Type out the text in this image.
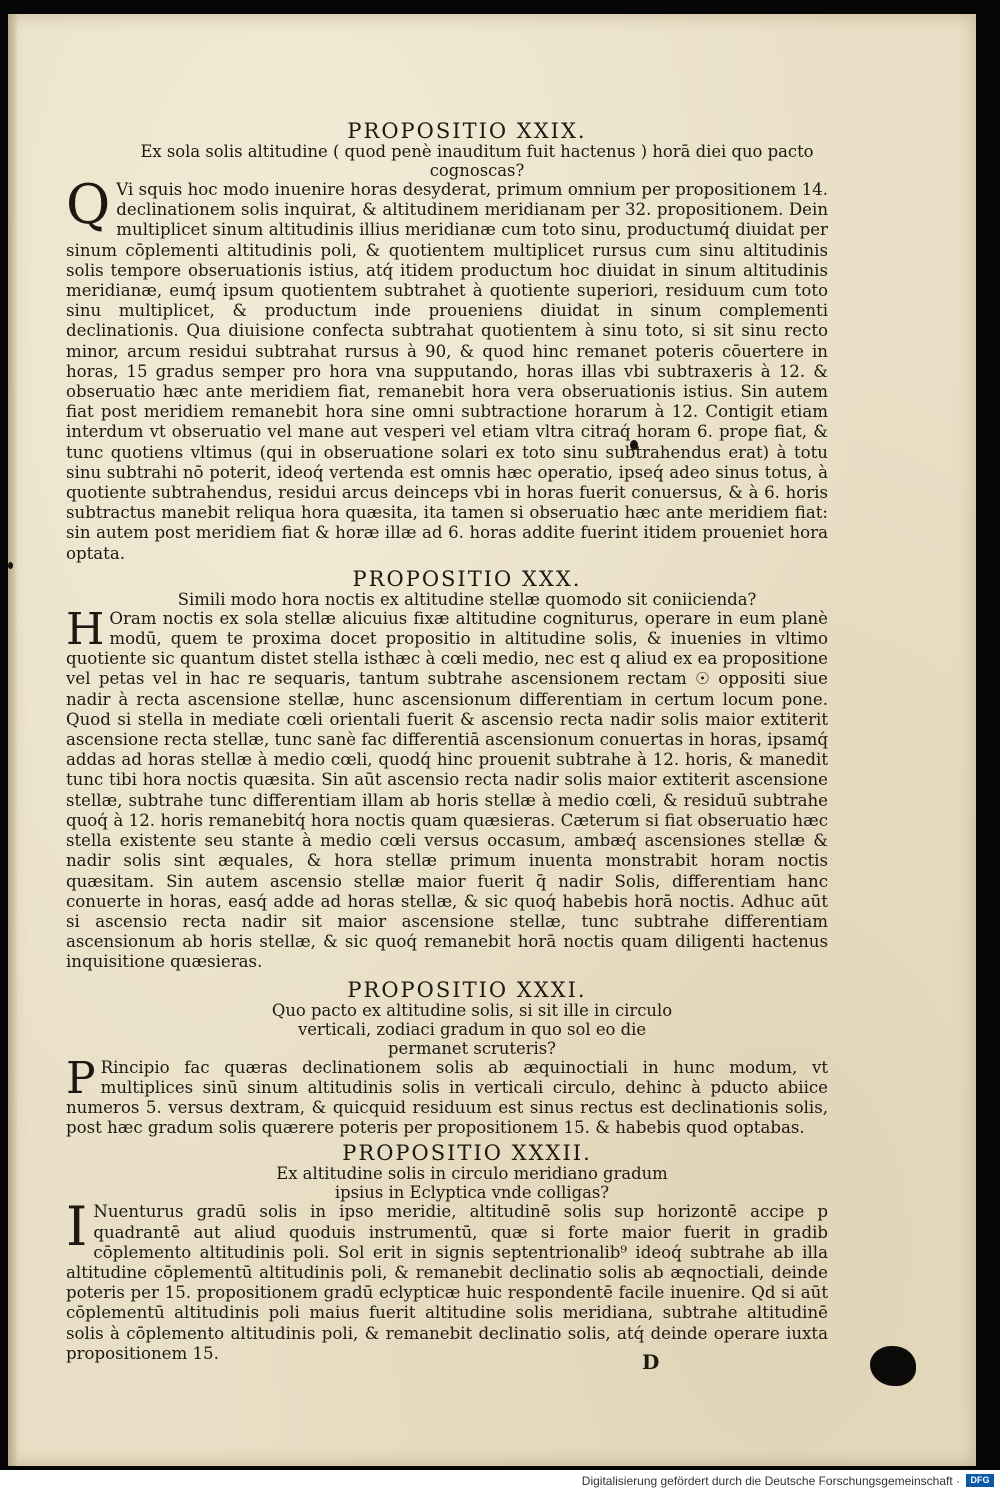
PROPOSITIO XXIX.

Ex sola solis altitudine ( quod penè inauditum fuit hactenus ) horā diei quo pacto cognoscas?

Q Vi squis hoc modo inuenire horas desyderat, primum omnium per propositionem 14. declinationem solis inquirat, & altitudinem meridianam per 32. propositionem. Dein multiplicet sinum altitudinis illius meridianæ cum toto sinu, productumq́ diuidat per sinum cōplementi altitudinis poli, & quotientem multiplicet rursus cum sinu altitudinis solis tempore obseruationis istius, atq́ itidem productum hoc diuidat in sinum altitudinis meridianæ, eumq́ ipsum quotientem subtrahet à quotiente superiori, residuum cum toto sinu multiplicet, & productum inde proueniens diuidat in sinum complementi declinationis. Qua diuisione confecta subtrahat quotientem à sinu toto, si sit sinu recto minor, arcum residui subtrahat rursus à 90, & quod hinc remanet poteris cōuertere in horas, 15 gradus semper pro hora vna supputando, horas illas vbi subtraxeris à 12. & obseruatio hæc ante meridiem fiat, remanebit hora vera obseruationis istius. Sin autem fiat post meridiem remanebit hora sine omni subtractione horarum à 12. Contigit etiam interdum vt obseruatio vel mane aut vesperi vel etiam vltra citraq́ horam 6. prope fiat, & tunc quotiens vltimus (qui in obseruatione solari ex toto sinu subtrahendus erat) à totu sinu subtrahi nō poterit, ideoq́ vertenda est omnis hæc operatio, ipseq́ adeo sinus totus, à quotiente subtrahendus, residui arcus deinceps vbi in horas fuerit conuersus, & à 6. horis subtractus manebit reliqua hora quæsita, ita tamen si obseruatio hæc ante meridiem fiat: sin autem post meridiem fiat & horæ illæ ad 6. horas addite fuerint itidem proueniet hora optata.

PROPOSITIO XXX.

Simili modo hora noctis ex altitudine stellæ quomodo sit coniicienda?

H Oram noctis ex sola stellæ alicuius fixæ altitudine cogniturus, operare in eum planè modū, quem te proxima docet propositio in altitudine solis, & inuenies in vltimo quotiente sic quantum distet stella isthæc à cœli medio, nec est q aliud ex ea propositione vel petas vel in hac re sequaris, tantum subtrahe ascensionem rectam ☉ oppositi siue nadir à recta ascensione stellæ, hunc ascensionum differentiam in certum locum pone. Quod si stella in mediate cœli orientali fuerit & ascensio recta nadir solis maior extiterit ascensione recta stellæ, tunc sanè fac differentiā ascensionum conuertas in horas, ipsamq́ addas ad horas stellæ à medio cœli, quodq́ hinc prouenit subtrahe à 12. horis, & manedit tunc tibi hora noctis quæsita. Sin aūt ascensio recta nadir solis maior extiterit ascensione stellæ, subtrahe tunc differentiam illam ab horis stellæ à medio cœli, & residuū subtrahe quoq́ à 12. horis remanebitq́ hora noctis quam quæsieras. Cæterum si fiat obseruatio hæc stella existente seu stante à medio cœli versus occasum, ambæq́ ascensiones stellæ & nadir solis sint æquales, & hora stellæ primum inuenta monstrabit horam noctis quæsitam. Sin autem ascensio stellæ maior fuerit q̄ nadir Solis, differentiam hanc conuerte in horas, easq́ adde ad horas stellæ, & sic quoq́ habebis horā noctis. Adhuc aūt si ascensio recta nadir sit maior ascensione stellæ, tunc subtrahe differentiam ascensionum ab horis stellæ, & sic quoq́ remanebit horā noctis quam diligenti hactenus inquisitione quæsieras.

PROPOSITIO XXXI.

Quo pacto ex altitudine solis, si sit ille in circulo verticali, zodiaci gradum in quo sol eo die permanet scruteris?

P Rincipio fac quæras declinationem solis ab æquinoctiali in hunc modum, vt multiplices sinū sinum altitudinis solis in verticali circulo, dehinc à pducto abiice numeros 5. versus dextram, & quicquid residuum est sinus rectus est declinationis solis, post hæc gradum solis quærere poteris per propositionem 15. & habebis quod optabas.

PROPOSITIO XXXII.

Ex altitudine solis in circulo meridiano gradum ipsius in Eclyptica vnde colligas?

I Nuenturus gradū solis in ipso meridie, altitudinē solis sup horizontē accipe p quadrantē aut aliud quoduis instrumentū, quæ si forte maior fuerit in gradib cōplemento altitudinis poli. Sol erit in signis septentrionalib⁹ ideoq́ subtrahe ab illa altitudine cōplementū altitudinis poli, & remanebit declinatio solis ab æqnoctiali, deinde poteris per 15. propositionem gradū eclypticæ huic respondentē facile inuenire. Qd si aūt cōplementū altitudinis poli maius fuerit altitudine solis meridiana, subtrahe altitudinē solis à cōplemento altitudinis poli, & remanebit declinatio solis, atq́ deinde operare iuxta propositionem 15.	D
Digitalisierung gefördert durch die Deutsche Forschungsgemeinschaft ·	DFG
